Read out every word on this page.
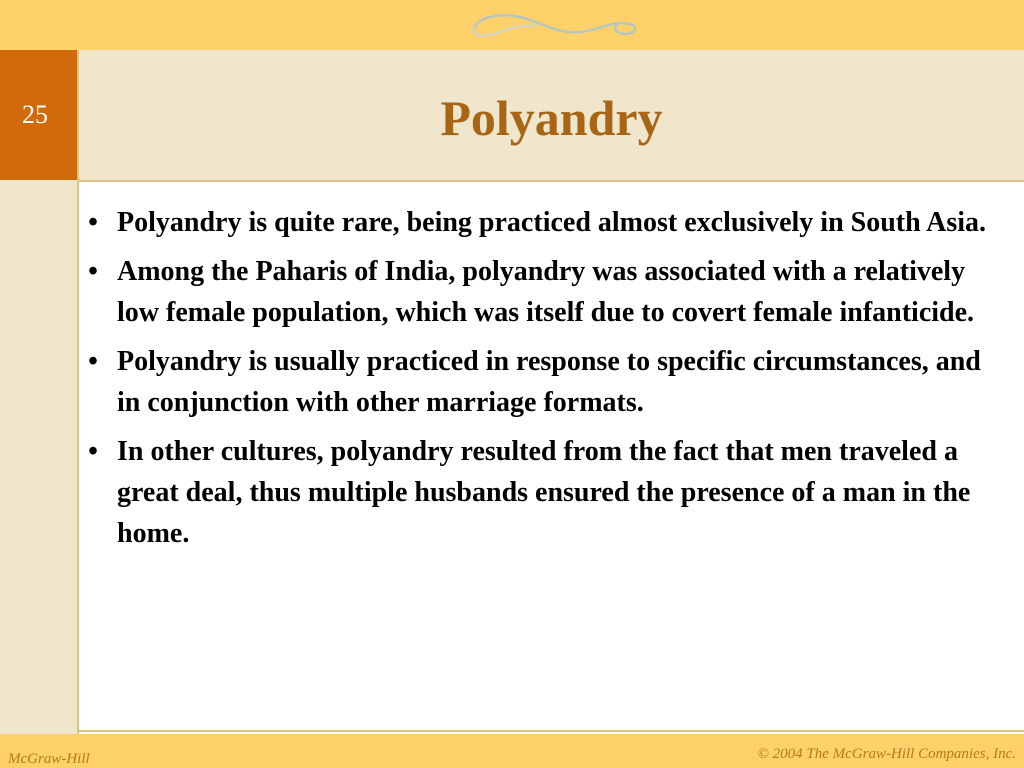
25	Polyandry
• Polyandry is quite rare, being practiced almost exclusively in South Asia.
• Among the Paharis of India, polyandry was associated with a relatively low female population, which was itself due to covert female infanticide.
• Polyandry is usually practiced in response to specific circumstances, and in conjunction with other marriage formats.
• In other cultures, polyandry resulted from the fact that men traveled a great deal, thus multiple husbands ensured the presence of a man in the home.
McGraw-Hill	© 2004 The McGraw-Hill Companies, Inc.
